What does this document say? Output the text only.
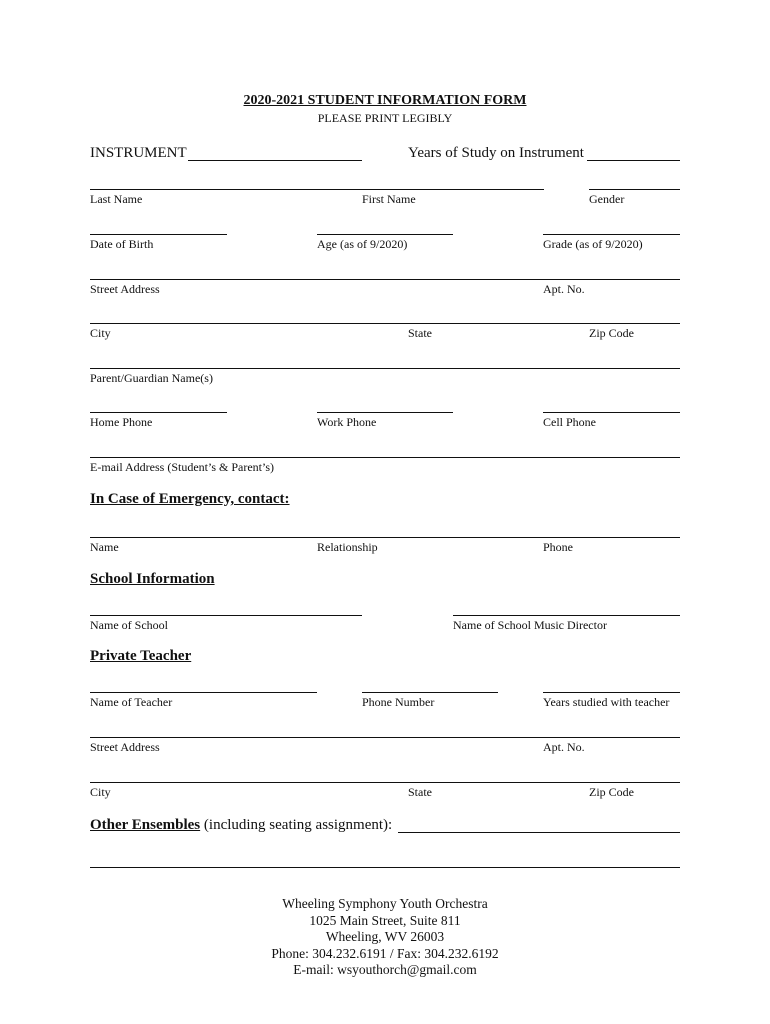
2020-2021 STUDENT INFORMATION FORM
PLEASE PRINT LEGIBLY
INSTRUMENT	Years of Study on Instrument
Last Name	First Name	Gender
Date of Birth	Age (as of 9/2020)	Grade (as of 9/2020)
Street Address	Apt. No.
City	State	Zip Code
Parent/Guardian Name(s)
Home Phone	Work Phone	Cell Phone
E-mail Address (Student’s & Parent’s)
In Case of Emergency, contact:
Name	Relationship	Phone
School Information
Name of School	Name of School Music Director
Private Teacher
Name of Teacher	Phone Number	Years studied with teacher
Street Address	Apt. No.
City	State	Zip Code
Other Ensembles (including seating assignment):
Wheeling Symphony Youth Orchestra
1025 Main Street, Suite 811
Wheeling, WV 26003
Phone: 304.232.6191 / Fax: 304.232.6192
E-mail: wsyouthorch@gmail.com
